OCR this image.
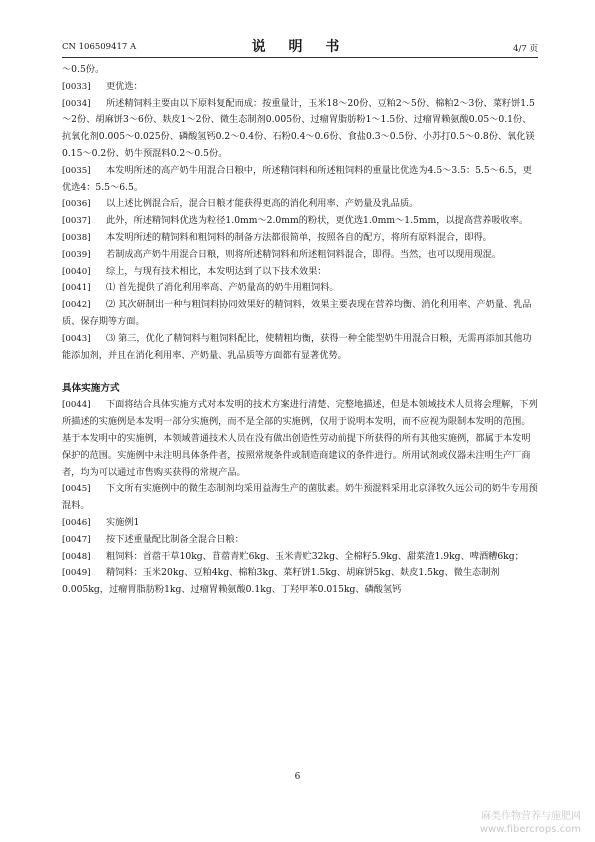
CN 106509417 A	说 明 书	4/7 页

～0.5份。

[0033] 更优选：

[0034] 所述精饲料主要由以下原料复配而成：按重量计，玉米18～20份、豆粕2～5份、棉粕2～3份、菜籽饼1.5～2份、胡麻饼3～6份、麸皮1～2份、微生态制剂0.005份、过瘤胃脂肪粉1～1.5份、过瘤胃赖氨酸0.05～0.1份、抗氧化剂0.005～0.025份、磷酸氢钙0.2～0.4份、石粉0.4～0.6份、食盐0.3～0.5份、小苏打0.5～0.8份、氧化镁0.15～0.2份、奶牛预混料0.2～0.5份。

[0035] 本发明所述的高产奶牛用混合日粮中，所述精饲料和所述粗饲料的重量比优选为4.5～3.5：5.5～6.5，更优选4：5.5～6.5。

[0036] 以上述比例混合后，混合日粮才能获得更高的消化利用率、产奶量及乳品质。

[0037] 此外，所述精饲料优选为粒径1.0mm～2.0mm的粉状，更优选1.0mm～1.5mm，以提高营养吸收率。

[0038] 本发明所述的精饲料和粗饲料的制备方法都很简单，按照各自的配方，将所有原料混合，即得。

[0039] 若制成高产奶牛用混合日粮，则将所述精饲料和所述粗饲料混合，即得。当然，也可以现用现混。

[0040] 综上，与现有技术相比，本发明达到了以下技术效果：

[0041] ⑴ 首先提供了消化利用率高、产奶量高的奶牛用粗饲料。

[0042] ⑵ 其次研制出一种与粗饲料协同效果好的精饲料，效果主要表现在营养均衡、消化利用率、产奶量、乳品质、保存期等方面。

[0043] ⑶ 第三，优化了精饲料与粗饲料配比，使精粗均衡，获得一种全能型奶牛用混合日粮，无需再添加其他功能添加剂，并且在消化利用率、产奶量、乳品质等方面都有显著优势。

具体实施方式

[0044] 下面将结合具体实施方式对本发明的技术方案进行清楚、完整地描述，但是本领域技术人员将会理解，下列所描述的实施例是本发明一部分实施例，而不是全部的实施例，仅用于说明本发明，而不应视为限制本发明的范围。基于本发明中的实施例，本领域普通技术人员在没有做出创造性劳动前提下所获得的所有其他实施例，都属于本发明保护的范围。实施例中未注明具体条件者，按照常规条件或制造商建议的条件进行。所用试剂或仪器未注明生产厂商者，均为可以通过市售购买获得的常规产品。

[0045] 下文所有实施例中的微生态制剂均采用益海生产的菌肽素。奶牛预混料采用北京泽牧久远公司的奶牛专用预混料。

[0046] 实施例1

[0047] 按下述重量配比制备全混合日粮：

[0048] 粗饲料：首蓿干草10kg、苜蓿青贮6kg、玉米青贮32kg、全棉籽5.9kg、甜菜渣1.9kg、啤酒糟6kg；

[0049] 精饲料：玉米20kg、豆粕4kg、棉粕3kg、菜籽饼1.5kg、胡麻饼5kg、麸皮1.5kg、微生态制剂0.005kg，过瘤胃脂肪粉1kg、过瘤胃赖氨酸0.1kg、丁羟甲苯0.015kg、磷酸氢钙

6
麻类作物营养与施肥网
www.fibercrops.com
